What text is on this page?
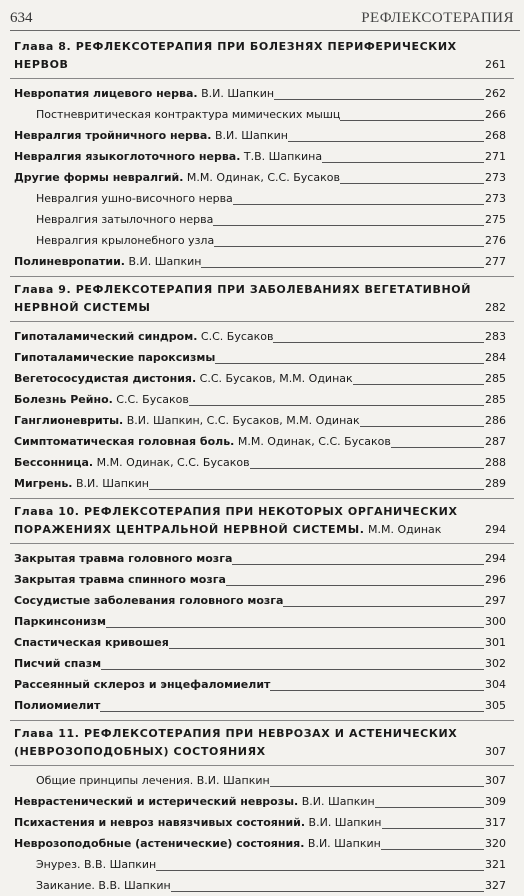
634	РЕФЛЕКСОТЕРАПИЯ
Глава 8. РЕФЛЕКСОТЕРАПИЯ ПРИ БОЛЕЗНЯХ ПЕРИФЕРИЧЕСКИХ
НЕРВОВ	261
Невропатия лицевого нерва. В.И. Шапкин	262
Постневритическая контрактура мимических мышц	266
Невралгия тройничного нерва. В.И. Шапкин	268
Невралгия языкоглоточного нерва. Т.В. Шапкина	271
Другие формы невралгий. М.М. Одинак, С.С. Бусаков	273
Невралгия ушно-височного нерва	273
Невралгия затылочного нерва	275
Невралгия крылонебного узла	276
Полиневропатии. В.И. Шапкин	277
Глава 9. РЕФЛЕКСОТЕРАПИЯ ПРИ ЗАБОЛЕВАНИЯХ ВЕГЕТАТИВНОЙ
НЕРВНОЙ СИСТЕМЫ	282
Гипоталамический синдром. С.С. Бусаков	283
Гипоталамические пароксизмы	284
Вегетососудистая дистония. С.С. Бусаков, М.М. Одинак	285
Болезнь Рейно. С.С. Бусаков	285
Ганглионевриты. В.И. Шапкин, С.С. Бусаков, М.М. Одинак	286
Симптоматическая головная боль. М.М. Одинак, С.С. Бусаков	287
Бессонница. М.М. Одинак, С.С. Бусаков	288
Мигрень. В.И. Шапкин	289
Глава 10. РЕФЛЕКСОТЕРАПИЯ ПРИ НЕКОТОРЫХ ОРГАНИЧЕСКИХ
ПОРАЖЕНИЯХ ЦЕНТРАЛЬНОЙ НЕРВНОЙ СИСТЕМЫ. М.М. Одинак	294
Закрытая травма головного мозга	294
Закрытая травма спинного мозга	296
Сосудистые заболевания головного мозга	297
Паркинсонизм	300
Спастическая кривошея	301
Писчий спазм	302
Рассеянный склероз и энцефаломиелит	304
Полиомиелит	305
Глава 11. РЕФЛЕКСОТЕРАПИЯ ПРИ НЕВРОЗАХ И АСТЕНИЧЕСКИХ
(НЕВРОЗОПОДОБНЫХ) СОСТОЯНИЯХ	307
Общие принципы лечения. В.И. Шапкин	307
Неврастенический и истерический неврозы. В.И. Шапкин	309
Психастения и невроз навязчивых состояний. В.И. Шапкин	317
Неврозоподобные (астенические) состояния. В.И. Шапкин	320
Энурез. В.В. Шапкин	321
Заикание. В.В. Шапкин	327
